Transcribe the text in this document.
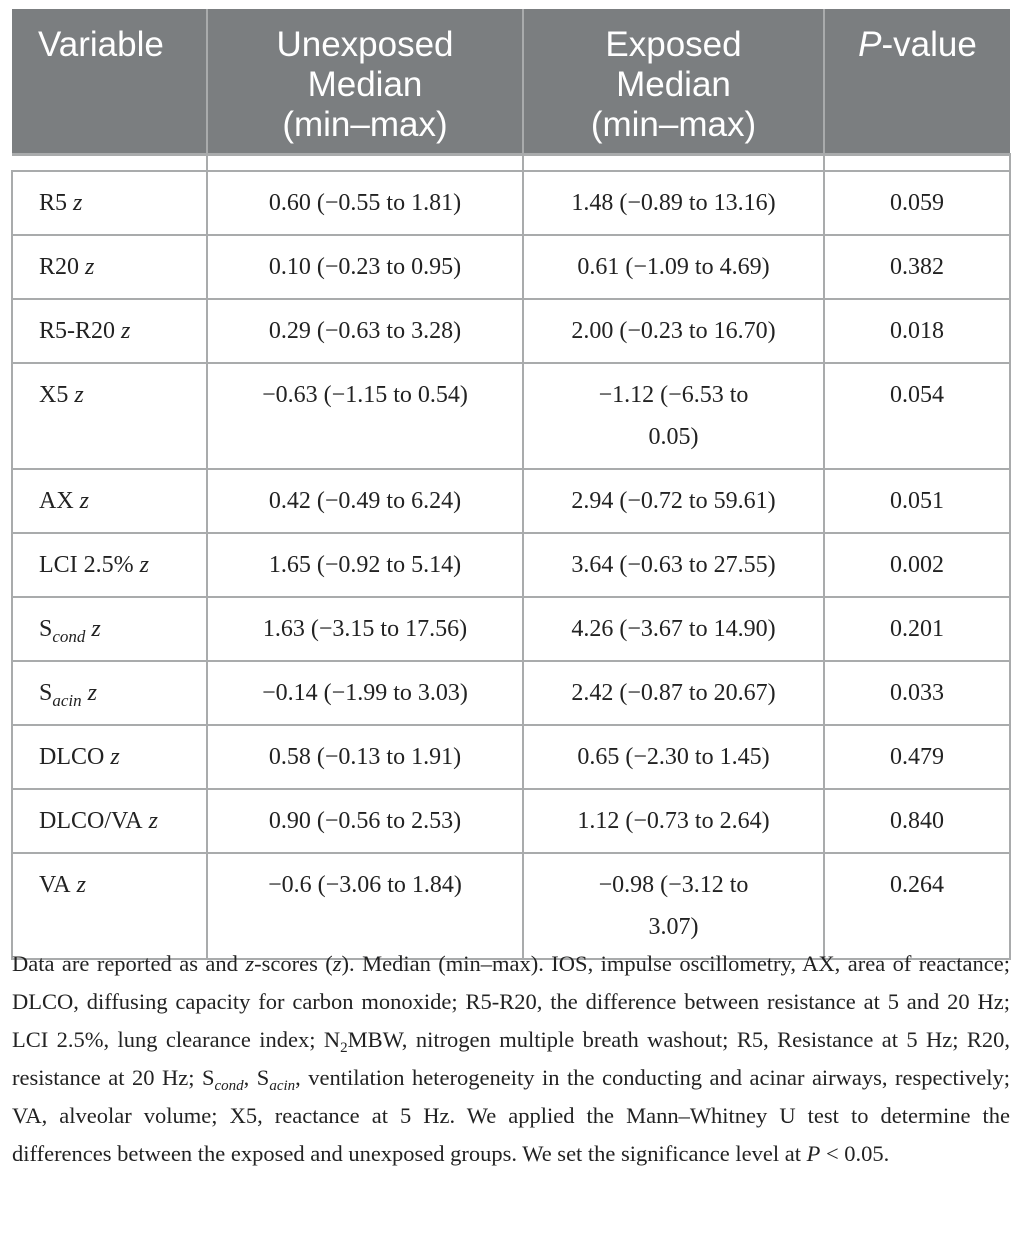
Variable	Unexposed
Median
(min–max)	Exposed
Median
(min–max)	P-value

R5 z	0.60 (−0.55 to 1.81)	1.48 (−0.89 to 13.16)	0.059
R20 z	0.10 (−0.23 to 0.95)	0.61 (−1.09 to 4.69)	0.382
R5-R20 z	0.29 (−0.63 to 3.28)	2.00 (−0.23 to 16.70)	0.018
X5 z	−0.63 (−1.15 to 0.54)	−1.12 (−6.53 to 0.05)	0.054
AX z	0.42 (−0.49 to 6.24)	2.94 (−0.72 to 59.61)	0.051
LCI 2.5% z	1.65 (−0.92 to 5.14)	3.64 (−0.63 to 27.55)	0.002
$S_{cond}$ z	1.63 (−3.15 to 17.56)	4.26 (−3.67 to 14.90)	0.201
$S_{acin}$ z	−0.14 (−1.99 to 3.03)	2.42 (−0.87 to 20.67)	0.033
DLCO z	0.58 (−0.13 to 1.91)	0.65 (−2.30 to 1.45)	0.479
DLCO/VA z	0.90 (−0.56 to 2.53)	1.12 (−0.73 to 2.64)	0.840
VA z	−0.6 (−3.06 to 1.84)	−0.98 (−3.12 to 3.07)	0.264

Data are reported as and z-scores (z). Median (min–max). IOS, impulse oscillometry, AX, area of reactance; DLCO, diffusing capacity for carbon monoxide; R5-R20, the difference between resistance at 5 and 20 Hz; LCI 2.5%, lung clearance index; $N_2MBW$, nitrogen multiple breath washout; R5, Resistance at 5 Hz; R20, resistance at 20 Hz; $S_{cond}$, $S_{acin}$, ventilation heterogeneity in the conducting and acinar airways, respectively; VA, alveolar volume; X5, reactance at 5 Hz. We applied the Mann–Whitney U test to determine the differences between the exposed and unexposed groups. We set the significance level at P < 0.05.
